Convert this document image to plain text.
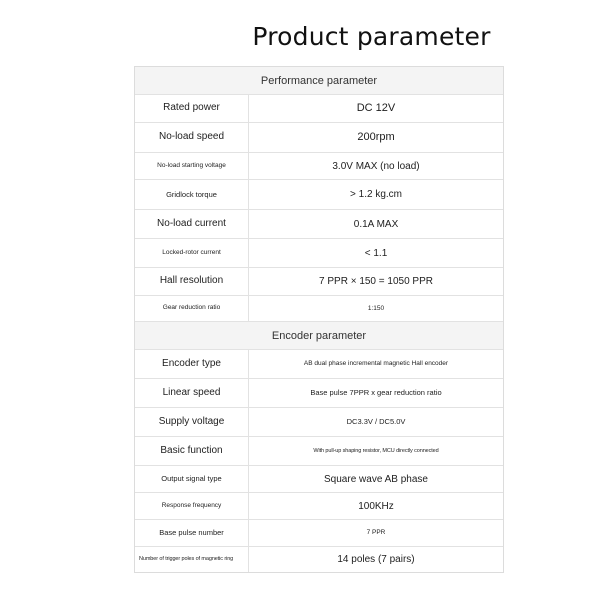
Product parameter
Performance parameter
Rated power	DC 12V
No-load speed	200rpm
No-load starting voltage	3.0V MAX (no load)
Gridlock torque	> 1.2 kg.cm
No-load current	0.1A MAX
Locked-rotor current	< 1.1
Hall resolution	7 PPR × 150 = 1050 PPR
Gear reduction ratio	1:150
Encoder parameter
Encoder type	AB dual phase incremental magnetic Hall encoder
Linear speed	Base pulse 7PPR x gear reduction ratio
Supply voltage	DC3.3V / DC5.0V
Basic function	With pull-up shaping resistor, MCU directly connected
Output signal type	Square wave AB phase
Response frequency	100KHz
Base pulse number	7 PPR
Number of trigger poles of magnetic ring	14 poles (7 pairs)
